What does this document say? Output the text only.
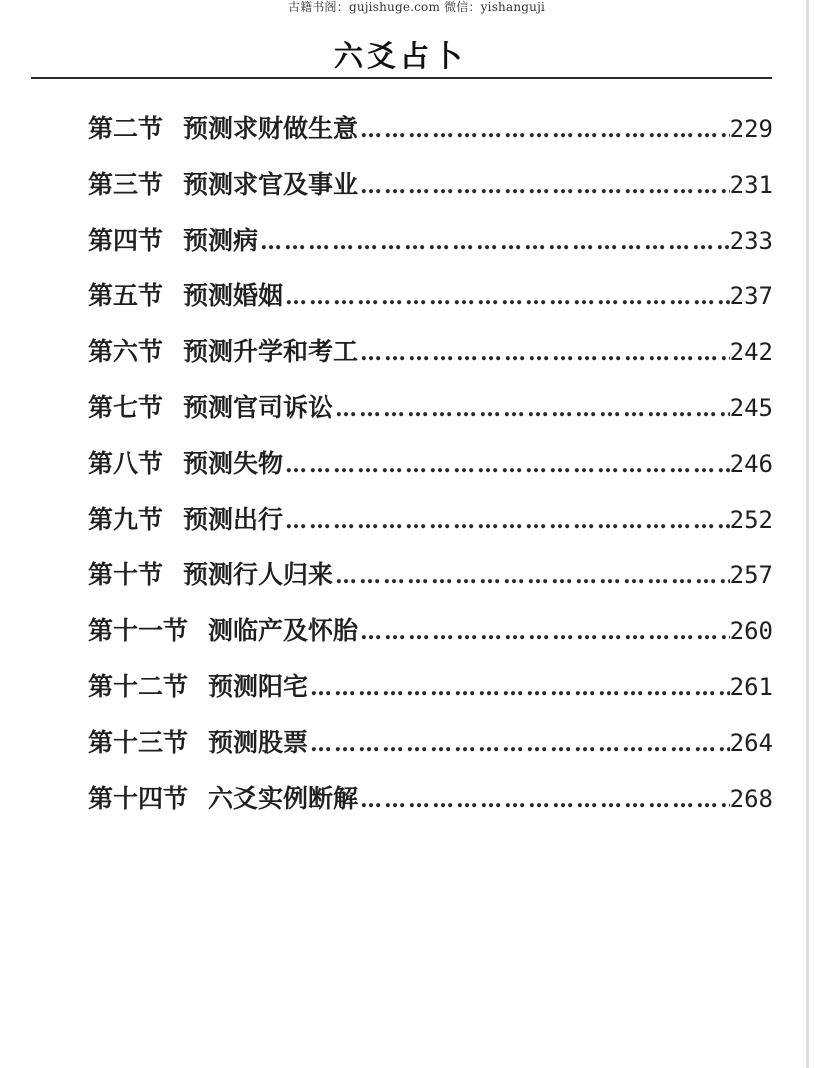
古籍书阁：gujishuge.com 微信：yishanguji
六爻占卜
第二节 预测求财做生意 …………………………………………………………………………………………………………	229
第三节 预测求官及事业 …………………………………………………………………………………………………………	231
第四节 预测病 …………………………………………………………………………………………………………	233
第五节 预测婚姻 …………………………………………………………………………………………………………	237
第六节 预测升学和考工 …………………………………………………………………………………………………………	242
第七节 预测官司诉讼 …………………………………………………………………………………………………………	245
第八节 预测失物 …………………………………………………………………………………………………………	246
第九节 预测出行 …………………………………………………………………………………………………………	252
第十节 预测行人归来 …………………………………………………………………………………………………………	257
第十一节 测临产及怀胎 …………………………………………………………………………………………………………	260
第十二节 预测阳宅 …………………………………………………………………………………………………………	261
第十三节 预测股票 …………………………………………………………………………………………………………	264
第十四节 六爻实例断解 …………………………………………………………………………………………………………	268
